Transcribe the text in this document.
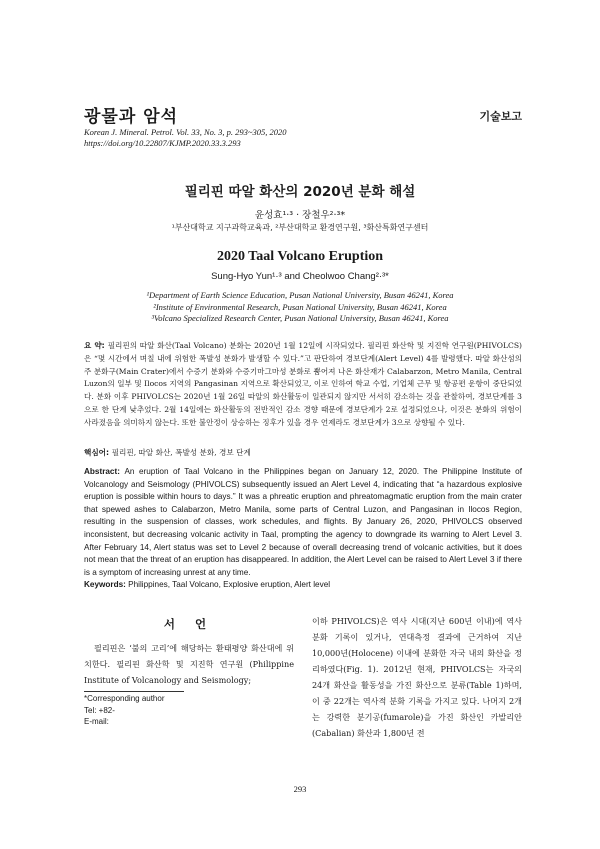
광물과 암석	기술보고
Korean J. Mineral. Petrol. Vol. 33, No. 3, p. 293~305, 2020
https://doi.org/10.22807/KJMP.2020.33.3.293
필리핀 따알 화산의 2020년 분화 해설
윤성효¹·³ · 장철우²·³*
¹부산대학교 지구과학교육과, ²부산대학교 환경연구원, ³화산특화연구센터
2020 Taal Volcano Eruption
Sung-Hyo Yun¹·³ and Cheolwoo Chang²·³*
¹Department of Earth Science Education, Pusan National University, Busan 46241, Korea
²Institute of Environmental Research, Pusan National University, Busan 46241, Korea
³Volcano Specialized Research Center, Pusan National University, Busan 46241, Korea
요 약: 필리핀의 따알 화산(Taal Volcano) 분화는 2020년 1월 12일에 시작되었다. 필리핀 화산학 및 지진학 연구원(PHIVOLCS)은 “몇 시간에서 며칠 내에 위험한 폭발성 분화가 발생할 수 있다.”고 판단하여 경보단계(Alert Level) 4를 발령했다. 따알 화산섬의 주 분화구(Main Crater)에서 수증기 분화와 수증기마그마성 분화로 뿜어져 나온 화산재가 Calabarzon, Metro Manila, Central Luzon의 일부 및 Ilocos 지역의 Pangasinan 지역으로 확산되었고, 이로 인하여 학교 수업, 기업체 근무 및 항공편 운항이 중단되었다. 분화 이후 PHIVOLCS는 2020년 1월 26일 따알의 화산활동이 일관되지 않지만 서서히 감소하는 것을 관찰하여, 경보단계를 3으로 한 단계 낮추었다. 2월 14일에는 화산활동의 전반적인 감소 경향 때문에 경보단계가 2로 설정되었으나, 이것은 분화의 위험이 사라졌음을 의미하지 않는다. 또한 불안정이 상승하는 징후가 있을 경우 언제라도 경보단계가 3으로 상향될 수 있다.
핵심어: 필리핀, 따알 화산, 폭발성 분화, 경보 단계
Abstract: An eruption of Taal Volcano in the Philippines began on January 12, 2020. The Philippine Institute of Volcanology and Seismology (PHIVOLCS) subsequently issued an Alert Level 4, indicating that “a hazardous explosive eruption is possible within hours to days.” It was a phreatic eruption and phreatomagmatic eruption from the main crater that spewed ashes to Calabarzon, Metro Manila, some parts of Central Luzon, and Pangasinan in Ilocos Region, resulting in the suspension of classes, work schedules, and flights. By January 26, 2020, PHIVOLCS observed inconsistent, but decreasing volcanic activity in Taal, prompting the agency to downgrade its warning to Alert Level 3. After February 14, Alert status was set to Level 2 because of overall decreasing trend of volcanic activities, but it does not mean that the threat of an eruption has disappeared. In addition, the Alert Level can be raised to Alert Level 3 if there is a symptom of increasing unrest at any time.
Keywords: Philippines, Taal Volcano, Explosive eruption, Alert level
서 언

필리핀은 ‘불의 고리’에 해당하는 환태평양 화산대에 위치한다. 필리핀 화산학 및 지진학 연구원 (Philippine Institute of Volcanology and Seismology;

이하 PHIVOLCS)은 역사 시대(지난 600년 이내)에 역사 분화 기록이 있거나, 연대측정 결과에 근거하여 지난 10,000년(Holocene) 이내에 분화한 자국 내의 화산을 정리하였다(Fig. 1). 2012년 현재, PHIVOLCS는 자국의 24개 화산을 활동성을 가진 화산으로 분류(Table 1)하며, 이 중 22개는 역사적 분화 기록을 가지고 있다. 나머지 2개는 강력한 분기공(fumarole)을 가진 화산인 카발리안(Cabalian) 화산과 1,800년 전

*Corresponding author
Tel: +82-
E-mail:
293
